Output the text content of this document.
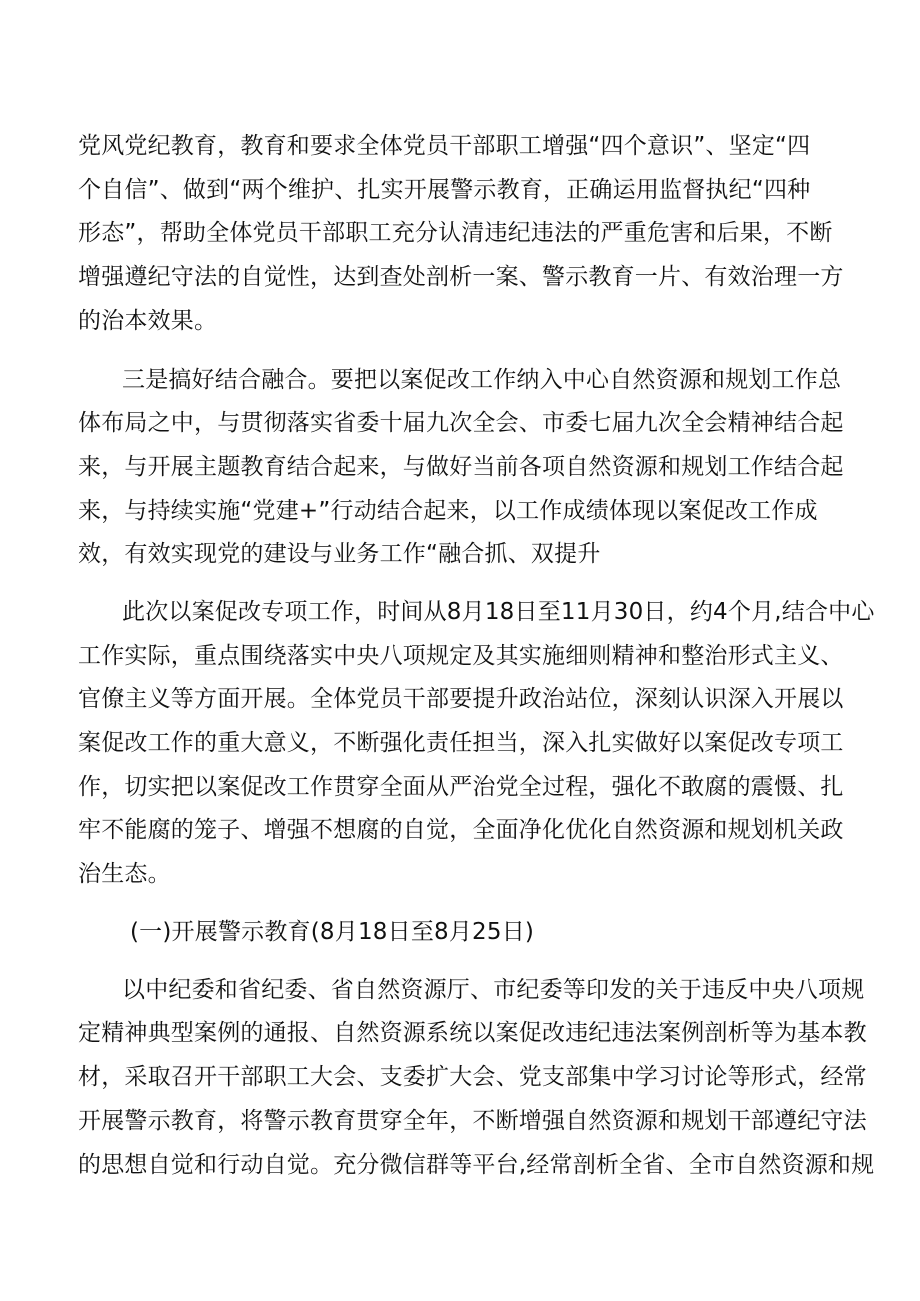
党风党纪教育，教育和要求全体党员干部职工增强“四个意识”、坚定“四
个自信”、做到“两个维护、扎实开展警示教育，正确运用监督执纪“四种
形态”，帮助全体党员干部职工充分认清违纪违法的严重危害和后果，不断
增强遵纪守法的自觉性，达到查处剖析一案、警示教育一片、有效治理一方
的治本效果。
三是搞好结合融合。要把以案促改工作纳入中心自然资源和规划工作总
体布局之中，与贯彻落实省委十届九次全会、市委七届九次全会精神结合起
来，与开展主题教育结合起来，与做好当前各项自然资源和规划工作结合起
来，与持续实施“党建+”行动结合起来，以工作成绩体现以案促改工作成
效，有效实现党的建设与业务工作“融合抓、双提升
此次以案促改专项工作，时间从8月18日至11月30日，约4个月,结合中心
工作实际，重点围绕落实中央八项规定及其实施细则精神和整治形式主义、
官僚主义等方面开展。全体党员干部要提升政治站位，深刻认识深入开展以
案促改工作的重大意义，不断强化责任担当，深入扎实做好以案促改专项工
作，切实把以案促改工作贯穿全面从严治党全过程，强化不敢腐的震慑、扎
牢不能腐的笼子、增强不想腐的自觉，全面净化优化自然资源和规划机关政
治生态。
(一)开展警示教育(8月18日至8月25日)
以中纪委和省纪委、省自然资源厅、市纪委等印发的关于违反中央八项规
定精神典型案例的通报、自然资源系统以案促改违纪违法案例剖析等为基本教
材，采取召开干部职工大会、支委扩大会、党支部集中学习讨论等形式，经常
开展警示教育，将警示教育贯穿全年，不断增强自然资源和规划干部遵纪守法
的思想自觉和行动自觉。充分微信群等平台,经常剖析全省、全市自然资源和规
